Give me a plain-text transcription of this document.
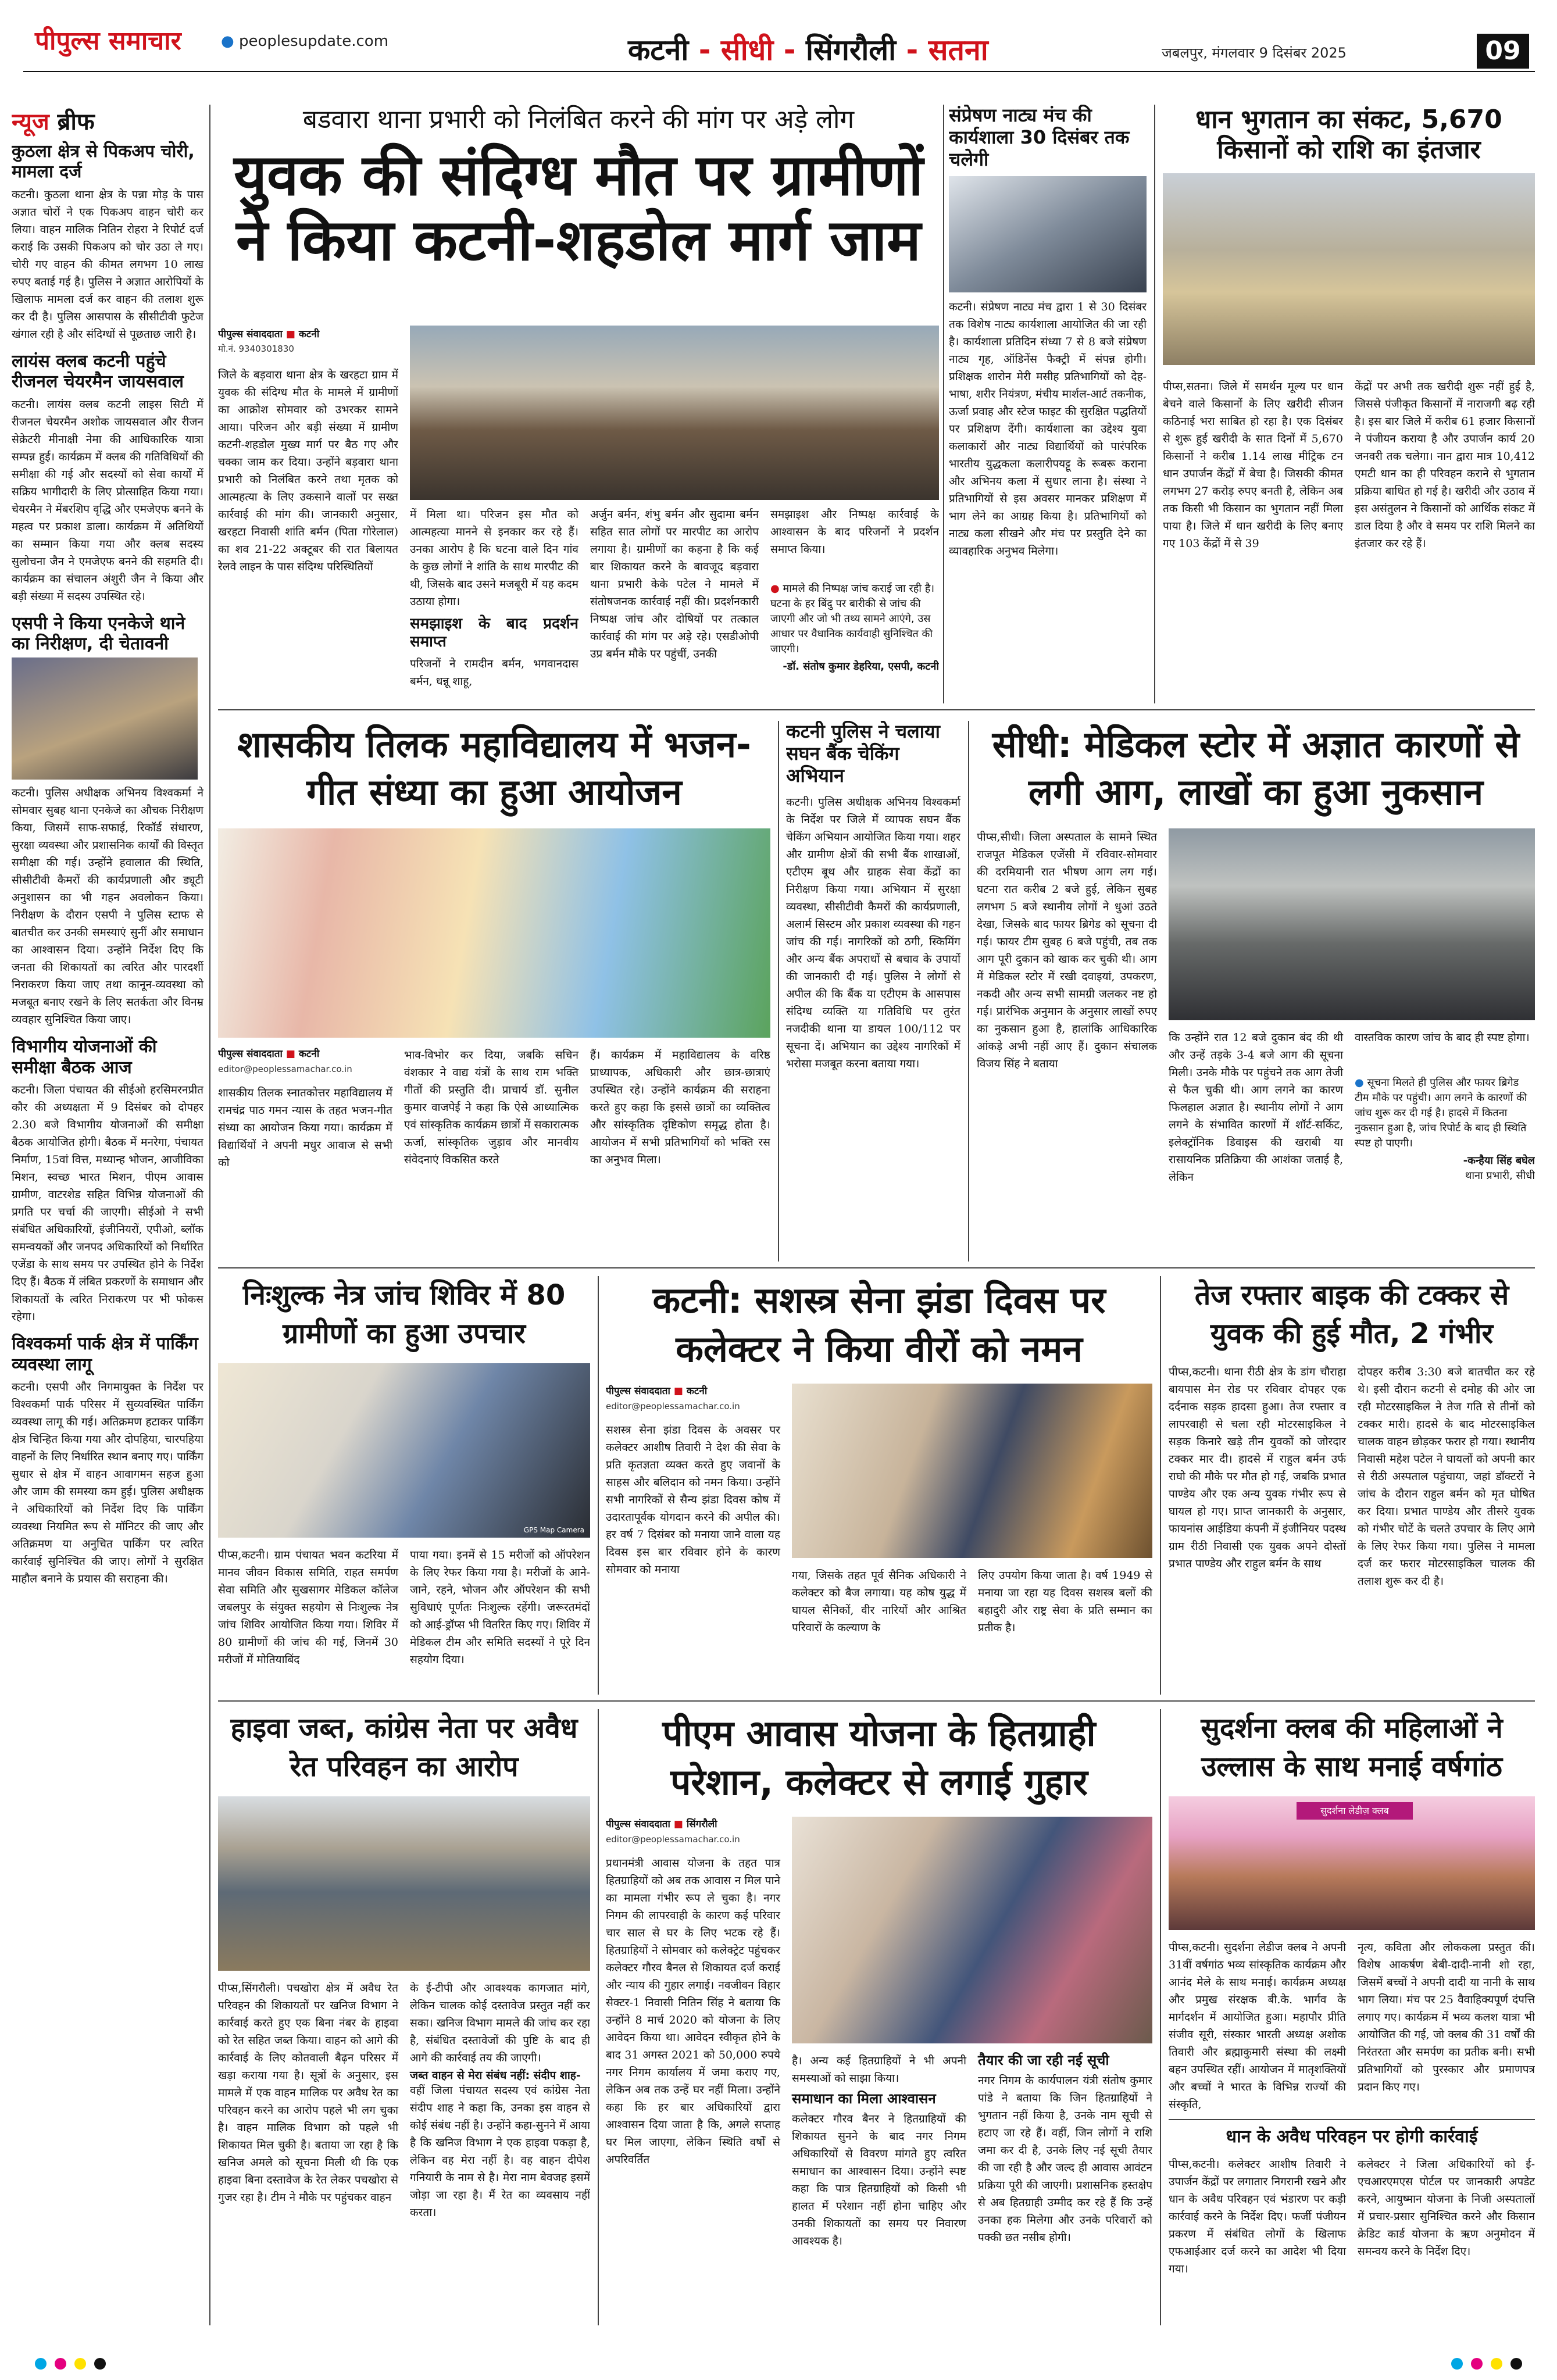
पीपुल्स समाचार	● peoplesupdate.com	कटनी - सीधी - सिंगरौली - सतना	जबलपुर, मंगलवार 9 दिसंबर 2025	09
न्यूज ब्रीफ
कुठला क्षेत्र से पिकअप चोरी, मामला दर्ज
कटनी। कुठला थाना क्षेत्र के पन्ना मोड़ के पास अज्ञात चोरों ने एक पिकअप वाहन चोरी कर लिया। वाहन मालिक नितिन रोहरा ने रिपोर्ट दर्ज कराई कि उसकी पिकअप को चोर उठा ले गए। चोरी गए वाहन की कीमत लगभग 10 लाख रुपए बताई गई है। पुलिस ने अज्ञात आरोपियों के खिलाफ मामला दर्ज कर वाहन की तलाश शुरू कर दी है। पुलिस आसपास के सीसीटीवी फुटेज खंगाल रही है और संदिग्धों से पूछताछ जारी है।
लायंस क्लब कटनी पहुंचे रीजनल चेयरमैन जायसवाल
कटनी। लायंस क्लब कटनी लाइस सिटी में रीजनल चेयरमैन अशोक जायसवाल और रीजन सेक्रेटरी मीनाक्षी नेमा की आधिकारिक यात्रा सम्पन्न हुई। कार्यक्रम में क्लब की गतिविधियों की समीक्षा की गई और सदस्यों को सेवा कार्यों में सक्रिय भागीदारी के लिए प्रोत्साहित किया गया। चेयरमैन ने मेंबरशिप वृद्धि और एमजेएफ बनने के महत्व पर प्रकाश डाला। कार्यक्रम में अतिथियों का सम्मान किया गया और क्लब सदस्य सुलोचना जैन ने एमजेएफ बनने की सहमति दी। कार्यक्रम का संचालन अंशुरी जैन ने किया और बड़ी संख्या में सदस्य उपस्थित रहे।
एसपी ने किया एनकेजे थाने का निरीक्षण, दी चेतावनी
कटनी। पुलिस अधीक्षक अभिनय विश्वकर्मा ने सोमवार सुबह थाना एनकेजे का औचक निरीक्षण किया, जिसमें साफ-सफाई, रिकॉर्ड संधारण, सुरक्षा व्यवस्था और प्रशासनिक कार्यों की विस्तृत समीक्षा की गई। उन्होंने हवालात की स्थिति, सीसीटीवी कैमरों की कार्यप्रणाली और ड्यूटी अनुशासन का भी गहन अवलोकन किया। निरीक्षण के दौरान एसपी ने पुलिस स्टाफ से बातचीत कर उनकी समस्याएं सुनीं और समाधान का आश्वासन दिया। उन्होंने निर्देश दिए कि जनता की शिकायतों का त्वरित और पारदर्शी निराकरण किया जाए तथा कानून-व्यवस्था को मजबूत बनाए रखने के लिए सतर्कता और विनम्र व्यवहार सुनिश्चित किया जाए।
विभागीय योजनाओं की समीक्षा बैठक आज
कटनी। जिला पंचायत की सीईओ हरसिमरनप्रीत कौर की अध्यक्षता में 9 दिसंबर को दोपहर 2.30 बजे विभागीय योजनाओं की समीक्षा बैठक आयोजित होगी। बैठक में मनरेगा, पंचायत निर्माण, 15वां वित्त, मध्यान्ह भोजन, आजीविका मिशन, स्वच्छ भारत मिशन, पीएम आवास ग्रामीण, वाटरशेड सहित विभिन्न योजनाओं की प्रगति पर चर्चा की जाएगी। सीईओ ने सभी संबंधित अधिकारियों, इंजीनियरों, एपीओ, ब्लॉक समन्वयकों और जनपद अधिकारियों को निर्धारित एजेंडा के साथ समय पर उपस्थित होने के निर्देश दिए हैं। बैठक में लंबित प्रकरणों के समाधान और शिकायतों के त्वरित निराकरण पर भी फोकस रहेगा।
विश्वकर्मा पार्क क्षेत्र में पार्किंग व्यवस्था लागू
कटनी। एसपी और निगमायुक्त के निर्देश पर विश्वकर्मा पार्क परिसर में सुव्यवस्थित पार्किंग व्यवस्था लागू की गई। अतिक्रमण हटाकर पार्किंग क्षेत्र चिन्हित किया गया और दोपहिया, चारपहिया वाहनों के लिए निर्धारित स्थान बनाए गए। पार्किंग सुधार से क्षेत्र में वाहन आवागमन सहज हुआ और जाम की समस्या कम हुई। पुलिस अधीक्षक ने अधिकारियों को निर्देश दिए कि पार्किंग व्यवस्था नियमित रूप से मॉनिटर की जाए और अतिक्रमण या अनुचित पार्किंग पर त्वरित कार्रवाई सुनिश्चित की जाए। लोगों ने सुरक्षित माहौल बनाने के प्रयास की सराहना की।
बडवारा थाना प्रभारी को निलंबित करने की मांग पर अड़े लोग
युवक की संदिग्ध मौत पर ग्रामीणों ने किया कटनी-शहडोल मार्ग जाम
पीपुल्स संवाददाता ■ कटनी
मो.नं. 9340301830
जिले के बड़वारा थाना क्षेत्र के खरहटा ग्राम में युवक की संदिग्ध मौत के मामले में ग्रामीणों का आक्रोश सोमवार को उभरकर सामने आया। परिजन और बड़ी संख्या में ग्रामीण कटनी-शहडोल मुख्य मार्ग पर बैठ गए और चक्का जाम कर दिया। उन्होंने बड़वारा थाना प्रभारी को निलंबित करने तथा मृतक को आत्महत्या के लिए उकसाने वालों पर सख्त कार्रवाई की मांग की। जानकारी अनुसार, खरहटा निवासी शांति बर्मन (पिता गोरेलाल) का शव 21-22 अक्टूबर की रात बिलायत रेलवे लाइन के पास संदिग्ध परिस्थितियों
में मिला था। परिजन इस मौत को आत्महत्या मानने से इनकार कर रहे हैं। उनका आरोप है कि घटना वाले दिन गांव के कुछ लोगों ने शांति के साथ मारपीट की थी, जिसके बाद उसने मजबूरी में यह कदम उठाया होगा।
समझाइश के बाद प्रदर्शन समाप्त
परिजनों ने रामदीन बर्मन, भगवानदास बर्मन, धन्नू शाहू,
अर्जुन बर्मन, शंभु बर्मन और सुदामा बर्मन सहित सात लोगों पर मारपीट का आरोप लगाया है। ग्रामीणों का कहना है कि कई बार शिकायत करने के बावजूद बड़वारा थाना प्रभारी केके पटेल ने मामले में संतोषजनक कार्रवाई नहीं की। प्रदर्शनकारी निष्पक्ष जांच और दोषियों पर तत्काल कार्रवाई की मांग पर अड़े रहे। एसडीओपी उप्र बर्मन मौके पर पहुंचीं, उनकी
समझाइश और निष्पक्ष कार्रवाई के आश्वासन के बाद परिजनों ने प्रदर्शन समाप्त किया।
● मामले की निष्पक्ष जांच कराई जा रही है। घटना के हर बिंदु पर बारीकी से जांच की जाएगी और जो भी तथ्य सामने आएंगे, उस आधार पर वैधानिक कार्यवाही सुनिश्चित की जाएगी।
-डॉ. संतोष कुमार डेहरिया, एसपी, कटनी
संप्रेषण नाट्य मंच की कार्यशाला 30 दिसंबर तक चलेगी
कटनी। संप्रेषण नाट्य मंच द्वारा 1 से 30 दिसंबर तक विशेष नाट्य कार्यशाला आयोजित की जा रही है। कार्यशाला प्रतिदिन संध्या 7 से 8 बजे संप्रेषण नाट्य गृह, ऑडिनेंस फैक्ट्री में संपन्न होगी। प्रशिक्षक शारोन मेरी मसीह प्रतिभागियों को देह-भाषा, शरीर नियंत्रण, मंचीय मार्शल-आर्ट तकनीक, ऊर्जा प्रवाह और स्टेज फाइट की सुरक्षित पद्धतियों पर प्रशिक्षण देंगी। कार्यशाला का उद्देश्य युवा कलाकारों और नाट्य विद्यार्थियों को पारंपरिक भारतीय युद्धकला कलारीपयट्टू के रूबरू कराना और अभिनय कला में सुधार लाना है। संस्था ने प्रतिभागियों से इस अवसर मानकर प्रशिक्षण में भाग लेने का आग्रह किया है। प्रतिभागियों को नाट्य कला सीखने और मंच पर प्रस्तुति देने का व्यावहारिक अनुभव मिलेगा।
धान भुगतान का संकट, 5,670 किसानों को राशि का इंतजार
पीप्स,सतना। जिले में समर्थन मूल्य पर धान बेचने वाले किसानों के लिए खरीदी सीजन कठिनाई भरा साबित हो रहा है। एक दिसंबर से शुरू हुई खरीदी के सात दिनों में 5,670 किसानों ने करीब 1.14 लाख मीट्रिक टन धान उपार्जन केंद्रों में बेचा है। जिसकी कीमत लगभग 27 करोड़ रुपए बनती है, लेकिन अब तक किसी भी किसान का भुगतान नहीं मिला पाया है। जिले में धान खरीदी के लिए बनाए गए 103 केंद्रों में से 39
केंद्रों पर अभी तक खरीदी शुरू नहीं हुई है, जिससे पंजीकृत किसानों में नाराजगी बढ़ रही है। इस बार जिले में करीब 61 हजार किसानों ने पंजीयन कराया है और उपार्जन कार्य 20 जनवरी तक चलेगा। नान द्वारा मात्र 10,412 एमटी धान का ही परिवहन कराने से भुगतान प्रक्रिया बाधित हो गई है। खरीदी और उठाव में इस असंतुलन ने किसानों को आर्थिक संकट में डाल दिया है और वे समय पर राशि मिलने का इंतजार कर रहे हैं।
शासकीय तिलक महाविद्यालय में भजन-गीत संध्या का हुआ आयोजन
पीपुल्स संवाददाता ■ कटनी
editor@peoplessamachar.co.in
शासकीय तिलक स्नातकोत्तर महाविद्यालय में रामचंद्र पाठ गमन न्यास के तहत भजन-गीत संध्या का आयोजन किया गया। कार्यक्रम में विद्यार्थियों ने अपनी मधुर आवाज से सभी को
भाव-विभोर कर दिया, जबकि सचिन वंशकार ने वाद्य यंत्रों के साथ राम भक्ति गीतों की प्रस्तुति दी। प्राचार्य डॉ. सुनील कुमार वाजपेई ने कहा कि ऐसे आध्यात्मिक एवं सांस्कृतिक कार्यक्रम छात्रों में सकारात्मक ऊर्जा, सांस्कृतिक जुड़ाव और मानवीय संवेदनाएं विकसित करते
हैं। कार्यक्रम में महाविद्यालय के वरिष्ठ प्राध्यापक, अधिकारी और छात्र-छात्राएं उपस्थित रहे। उन्होंने कार्यक्रम की सराहना करते हुए कहा कि इससे छात्रों का व्यक्तित्व और सांस्कृतिक दृष्टिकोण समृद्ध होता है। आयोजन में सभी प्रतिभागियों को भक्ति रस का अनुभव मिला।
कटनी पुलिस ने चलाया सघन बैंक चेकिंग अभियान
कटनी। पुलिस अधीक्षक अभिनय विश्वकर्मा के निर्देश पर जिले में व्यापक सघन बैंक चेकिंग अभियान आयोजित किया गया। शहर और ग्रामीण क्षेत्रों की सभी बैंक शाखाओं, एटीएम बूथ और ग्राहक सेवा केंद्रों का निरीक्षण किया गया। अभियान में सुरक्षा व्यवस्था, सीसीटीवी कैमरों की कार्यप्रणाली, अलार्म सिस्टम और प्रकाश व्यवस्था की गहन जांच की गई। नागरिकों को ठगी, स्किमिंग और अन्य बैंक अपराधों से बचाव के उपायों की जानकारी दी गई। पुलिस ने लोगों से अपील की कि बैंक या एटीएम के आसपास संदिग्ध व्यक्ति या गतिविधि पर तुरंत नजदीकी थाना या डायल 100/112 पर सूचना दें। अभियान का उद्देश्य नागरिकों में भरोसा मजबूत करना बताया गया।
सीधी: मेडिकल स्टोर में अज्ञात कारणों से लगी आग, लाखों का हुआ नुकसान
पीप्स,सीधी। जिला अस्पताल के सामने स्थित राजपूत मेडिकल एजेंसी में रविवार-सोमवार की दरमियानी रात भीषण आग लग गई। घटना रात करीब 2 बजे हुई, लेकिन सुबह लगभग 5 बजे स्थानीय लोगों ने धुआं उठते देखा, जिसके बाद फायर ब्रिगेड को सूचना दी गई। फायर टीम सुबह 6 बजे पहुंची, तब तक आग पूरी दुकान को खाक कर चुकी थी। आग में मेडिकल स्टोर में रखी दवाइयां, उपकरण, नकदी और अन्य सभी सामग्री जलकर नष्ट हो गई। प्रारंभिक अनुमान के अनुसार लाखों रुपए का नुकसान हुआ है, हालांकि आधिकारिक आंकड़े अभी नहीं आए हैं। दुकान संचालक विजय सिंह ने बताया
कि उन्होंने रात 12 बजे दुकान बंद की थी और उन्हें तड़के 3-4 बजे आग की सूचना मिली। उनके मौके पर पहुंचने तक आग तेजी से फैल चुकी थी। आग लगने का कारण फिलहाल अज्ञात है। स्थानीय लोगों ने आग लगने के संभावित कारणों में शॉर्ट-सर्किट, इलेक्ट्रॉनिक डिवाइस की खराबी या रासायनिक प्रतिक्रिया की आशंका जताई है, लेकिन
वास्तविक कारण जांच के बाद ही स्पष्ट होगा।
● सूचना मिलते ही पुलिस और फायर ब्रिगेड टीम मौके पर पहुंची। आग लगने के कारणों की जांच शुरू कर दी गई है। हादसे में कितना नुकसान हुआ है, जांच रिपोर्ट के बाद ही स्थिति स्पष्ट हो पाएगी।
-कन्हैया सिंह बघेल
थाना प्रभारी, सीधी
निःशुल्क नेत्र जांच शिविर में 80 ग्रामीणों का हुआ उपचार
GPS Map Camera
पीप्स,कटनी। ग्राम पंचायत भवन कटरिया में मानव जीवन विकास समिति, राहत समर्पण सेवा समिति और सुखसागर मेडिकल कॉलेज जबलपुर के संयुक्त सहयोग से निःशुल्क नेत्र जांच शिविर आयोजित किया गया। शिविर में 80 ग्रामीणों की जांच की गई, जिनमें 30 मरीजों में मोतियाबिंद
पाया गया। इनमें से 15 मरीजों को ऑपरेशन के लिए रेफर किया गया है। मरीजों के आने-जाने, रहने, भोजन और ऑपरेशन की सभी सुविधाएं पूर्णतः निःशुल्क रहेंगी। जरूरतमंदों को आई-ड्रॉप्स भी वितरित किए गए। शिविर में मेडिकल टीम और समिति सदस्यों ने पूरे दिन सहयोग दिया।
कटनी: सशस्त्र सेना झंडा दिवस पर कलेक्टर ने किया वीरों को नमन
पीपुल्स संवाददाता ■ कटनी
editor@peoplessamachar.co.in
सशस्त्र सेना झंडा दिवस के अवसर पर कलेक्टर आशीष तिवारी ने देश की सेवा के प्रति कृतज्ञता व्यक्त करते हुए जवानों के साहस और बलिदान को नमन किया। उन्होंने सभी नागरिकों से सैन्य झंडा दिवस कोष में उदारतापूर्वक योगदान करने की अपील की। हर वर्ष 7 दिसंबर को मनाया जाने वाला यह दिवस इस बार रविवार होने के कारण सोमवार को मनाया	गया, जिसके तहत पूर्व सैनिक अधिकारी ने कलेक्टर को बैज लगाया। यह कोष युद्ध में घायल सैनिकों, वीर नारियों और आश्रित परिवारों के कल्याण के
लिए उपयोग किया जाता है। वर्ष 1949 से मनाया जा रहा यह दिवस सशस्त्र बलों की बहादुरी और राष्ट्र सेवा के प्रति सम्मान का प्रतीक है।
तेज रफ्तार बाइक की टक्कर से युवक की हुई मौत, 2 गंभीर
पीप्स,कटनी। थाना रीठी क्षेत्र के डांग चौराहा बायपास मेन रोड पर रविवार दोपहर एक दर्दनाक सड़क हादसा हुआ। तेज रफ्तार व लापरवाही से चला रही मोटरसाइकिल ने सड़क किनारे खड़े तीन युवकों को जोरदार टक्कर मार दी। हादसे में राहुल बर्मन उर्फ राघो की मौके पर मौत हो गई, जबकि प्रभात पाण्डेय और एक अन्य युवक गंभीर रूप से घायल हो गए। प्राप्त जानकारी के अनुसार, फायनांस आईडिया कंपनी में इंजीनियर पदस्थ ग्राम रीठी निवासी एक युवक अपने दोस्तों प्रभात पाण्डेय और राहुल बर्मन के साथ
दोपहर करीब 3:30 बजे बातचीत कर रहे थे। इसी दौरान कटनी से दमोह की ओर जा रही मोटरसाइकिल ने तेज गति से तीनों को टक्कर मारी। हादसे के बाद मोटरसाइकिल चालक वाहन छोड़कर फरार हो गया। स्थानीय निवासी महेश पटेल ने घायलों को अपनी कार से रीठी अस्पताल पहुंचाया, जहां डॉक्टरों ने जांच के दौरान राहुल बर्मन को मृत घोषित कर दिया। प्रभात पाण्डेय और तीसरे युवक को गंभीर चोटें के चलते उपचार के लिए आगे के लिए रेफर किया गया। पुलिस ने मामला दर्ज कर फरार मोटरसाइकिल चालक की तलाश शुरू कर दी है।
हाइवा जब्त, कांग्रेस नेता पर अवैध रेत परिवहन का आरोप
पीप्स,सिंगरौली। पचखोरा क्षेत्र में अवैध रेत परिवहन की शिकायतों पर खनिज विभाग ने कार्रवाई करते हुए एक बिना नंबर के हाइवा को रेत सहित जब्त किया। वाहन को आगे की कार्रवाई के लिए कोतवाली बैढ़न परिसर में खड़ा कराया गया है। सूत्रों के अनुसार, इस मामले में एक वाहन मालिक पर अवैध रेत का परिवहन करने का आरोप पहले भी लग चुका है। वाहन मालिक विभाग को पहले भी शिकायत मिल चुकी है। बताया जा रहा है कि खनिज अमले को सूचना मिली थी कि एक हाइवा बिना दस्तावेज के रेत लेकर पचखोरा से गुजर रहा है। टीम ने मौके पर पहुंचकर वाहन
के ई-टीपी और आवश्यक कागजात मांगे, लेकिन चालक कोई दस्तावेज प्रस्तुत नहीं कर सका। खनिज विभाग मामले की जांच कर रहा है, संबंधित दस्तावेजों की पुष्टि के बाद ही आगे की कार्रवाई तय की जाएगी।
जब्त वाहन से मेरा संबंध नहीं: संदीप शाह-
वहीं जिला पंचायत सदस्य एवं कांग्रेस नेता संदीप शाह ने कहा कि, उनका इस वाहन से कोई संबंध नहीं है। उन्होंने कहा-सुनने में आया है कि खनिज विभाग ने एक हाइवा पकड़ा है, लेकिन वह मेरा नहीं है। वह वाहन दीपेश गनियारी के नाम से है। मेरा नाम बेवजह इसमें जोड़ा जा रहा है। मैं रेत का व्यवसाय नहीं करता।
पीएम आवास योजना के हितग्राही परेशान, कलेक्टर से लगाई गुहार
पीपुल्स संवाददाता ■ सिंगरौली
editor@peoplessamachar.co.in
प्रधानमंत्री आवास योजना के तहत पात्र हितग्राहियों को अब तक आवास न मिल पाने का मामला गंभीर रूप ले चुका है। नगर निगम की लापरवाही के कारण कई परिवार चार साल से घर के लिए भटक रहे हैं। हितग्राहियों ने सोमवार को कलेक्ट्रेट पहुंचकर कलेक्टर गौरव बैनल से शिकायत दर्ज कराई और न्याय की गुहार लगाई। नवजीवन विहार सेक्टर-1 निवासी नितिन सिंह ने बताया कि उन्होंने 8 मार्च 2020 को योजना के लिए आवेदन किया था। आवेदन स्वीकृत होने के बाद 31 अगस्त 2021 को 50,000 रुपये नगर निगम कार्यालय में जमा कराए गए, लेकिन अब तक उन्हें घर नहीं मिला। उन्होंने कहा कि हर बार अधिकारियों द्वारा आश्वासन दिया जाता है कि, अगले सप्ताह घर मिल जाएगा, लेकिन स्थिति वर्षों से अपरिवर्तित
है। अन्य कई हितग्राहियों ने भी अपनी समस्याओं को साझा किया।
समाधान का मिला आश्वासन
कलेक्टर गौरव बैनर ने हितग्राहियों की शिकायत सुनने के बाद नगर निगम अधिकारियों से विवरण मांगते हुए त्वरित समाधान का आश्वासन दिया। उन्होंने स्पष्ट कहा कि पात्र हितग्राहियों को किसी भी हालत में परेशान नहीं होना चाहिए और उनकी शिकायतों का समय पर निवारण आवश्यक है।
तैयार की जा रही नई सूची
नगर निगम के कार्यपालन यंत्री संतोष कुमार पांडे ने बताया कि जिन हितग्राहियों ने भुगतान नहीं किया है, उनके नाम सूची से हटाए जा रहे हैं। वहीं, जिन लोगों ने राशि जमा कर दी है, उनके लिए नई सूची तैयार की जा रही है और जल्द ही आवास आवंटन प्रक्रिया पूरी की जाएगी। प्रशासनिक हस्तक्षेप से अब हितग्राही उम्मीद कर रहे हैं कि उन्हें उनका हक मिलेगा और उनके परिवारों को पक्की छत नसीब होगी।
सुदर्शना क्लब की महिलाओं ने उल्लास के साथ मनाई वर्षगांठ
सुदर्शना लेडीज़ क्लब
पीप्स,कटनी। सुदर्शना लेडीज क्लब ने अपनी 31वीं वर्षगांठ भव्य सांस्कृतिक कार्यक्रम और आनंद मेले के साथ मनाई। कार्यक्रम अध्यक्ष और प्रमुख संरक्षक बी.के. भार्गव के मार्गदर्शन में आयोजित हुआ। महापौर प्रीति संजीव सूरी, संस्कार भारती अध्यक्ष अशोक तिवारी और ब्रह्माकुमारी संस्था की लक्ष्मी बहन उपस्थित रहीं। आयोजन में मातृशक्तियों और बच्चों ने भारत के विभिन्न राज्यों की संस्कृति,
नृत्य, कविता और लोककला प्रस्तुत कीं। विशेष आकर्षण बेबी-दादी-नानी शो रहा, जिसमें बच्चों ने अपनी दादी या नानी के साथ भाग लिया। मंच पर 25 वैवाहिक्यपूर्ण दंपत्ति लगाए गए। कार्यक्रम में भव्य कलश यात्रा भी आयोजित की गई, जो क्लब की 31 वर्षों की निरंतरता और समर्पण का प्रतीक बनी। सभी प्रतिभागियों को पुरस्कार और प्रमाणपत्र प्रदान किए गए।
धान के अवैध परिवहन पर होगी कार्रवाई
पीप्स,कटनी। कलेक्टर आशीष तिवारी ने उपार्जन केंद्रों पर लगातार निगरानी रखने और धान के अवैध परिवहन एवं भंडारण पर कड़ी कार्रवाई करने के निर्देश दिए। फर्जी पंजीयन प्रकरण में संबंधित लोगों के खिलाफ एफआईआर दर्ज करने का आदेश भी दिया गया।
कलेक्टर ने जिला अधिकारियों को ई-एचआरएमएस पोर्टल पर जानकारी अपडेट करने, आयुष्मान योजना के निजी अस्पतालों में प्रचार-प्रसार सुनिश्चित करने और किसान क्रेडिट कार्ड योजना के ऋण अनुमोदन में समन्वय करने के निर्देश दिए।
